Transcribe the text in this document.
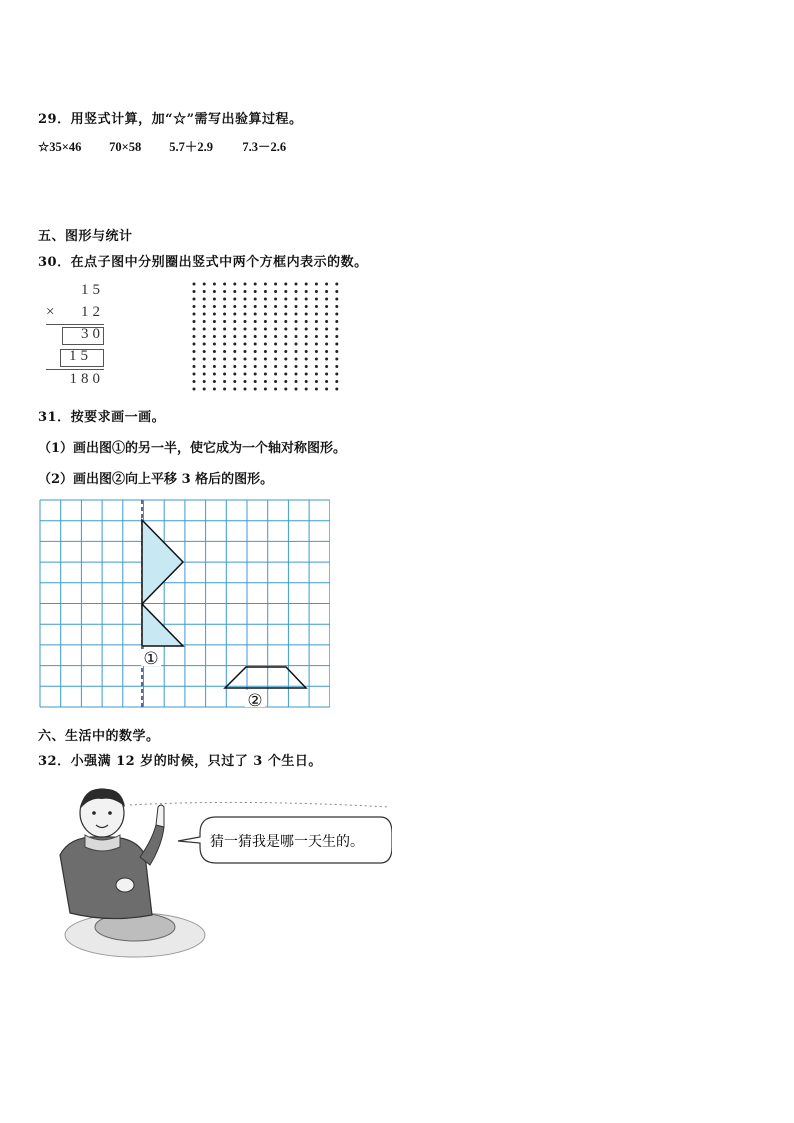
29．用竖式计算，加“☆”需写出验算过程。
☆35×46 70×58 5.7＋2.9 7.3－2.6
五、图形与统计
30．在点子图中分别圈出竖式中两个方框内表示的数。
15
× 12
30
15
180
31．按要求画一画。
（1）画出图①的另一半，使它成为一个轴对称图形。
（2）画出图②向上平移 3 格后的图形。
①
②
六、生活中的数学。
32．小强满 12 岁的时候，只过了 3 个生日。
猜一猜我是哪一天生的。
